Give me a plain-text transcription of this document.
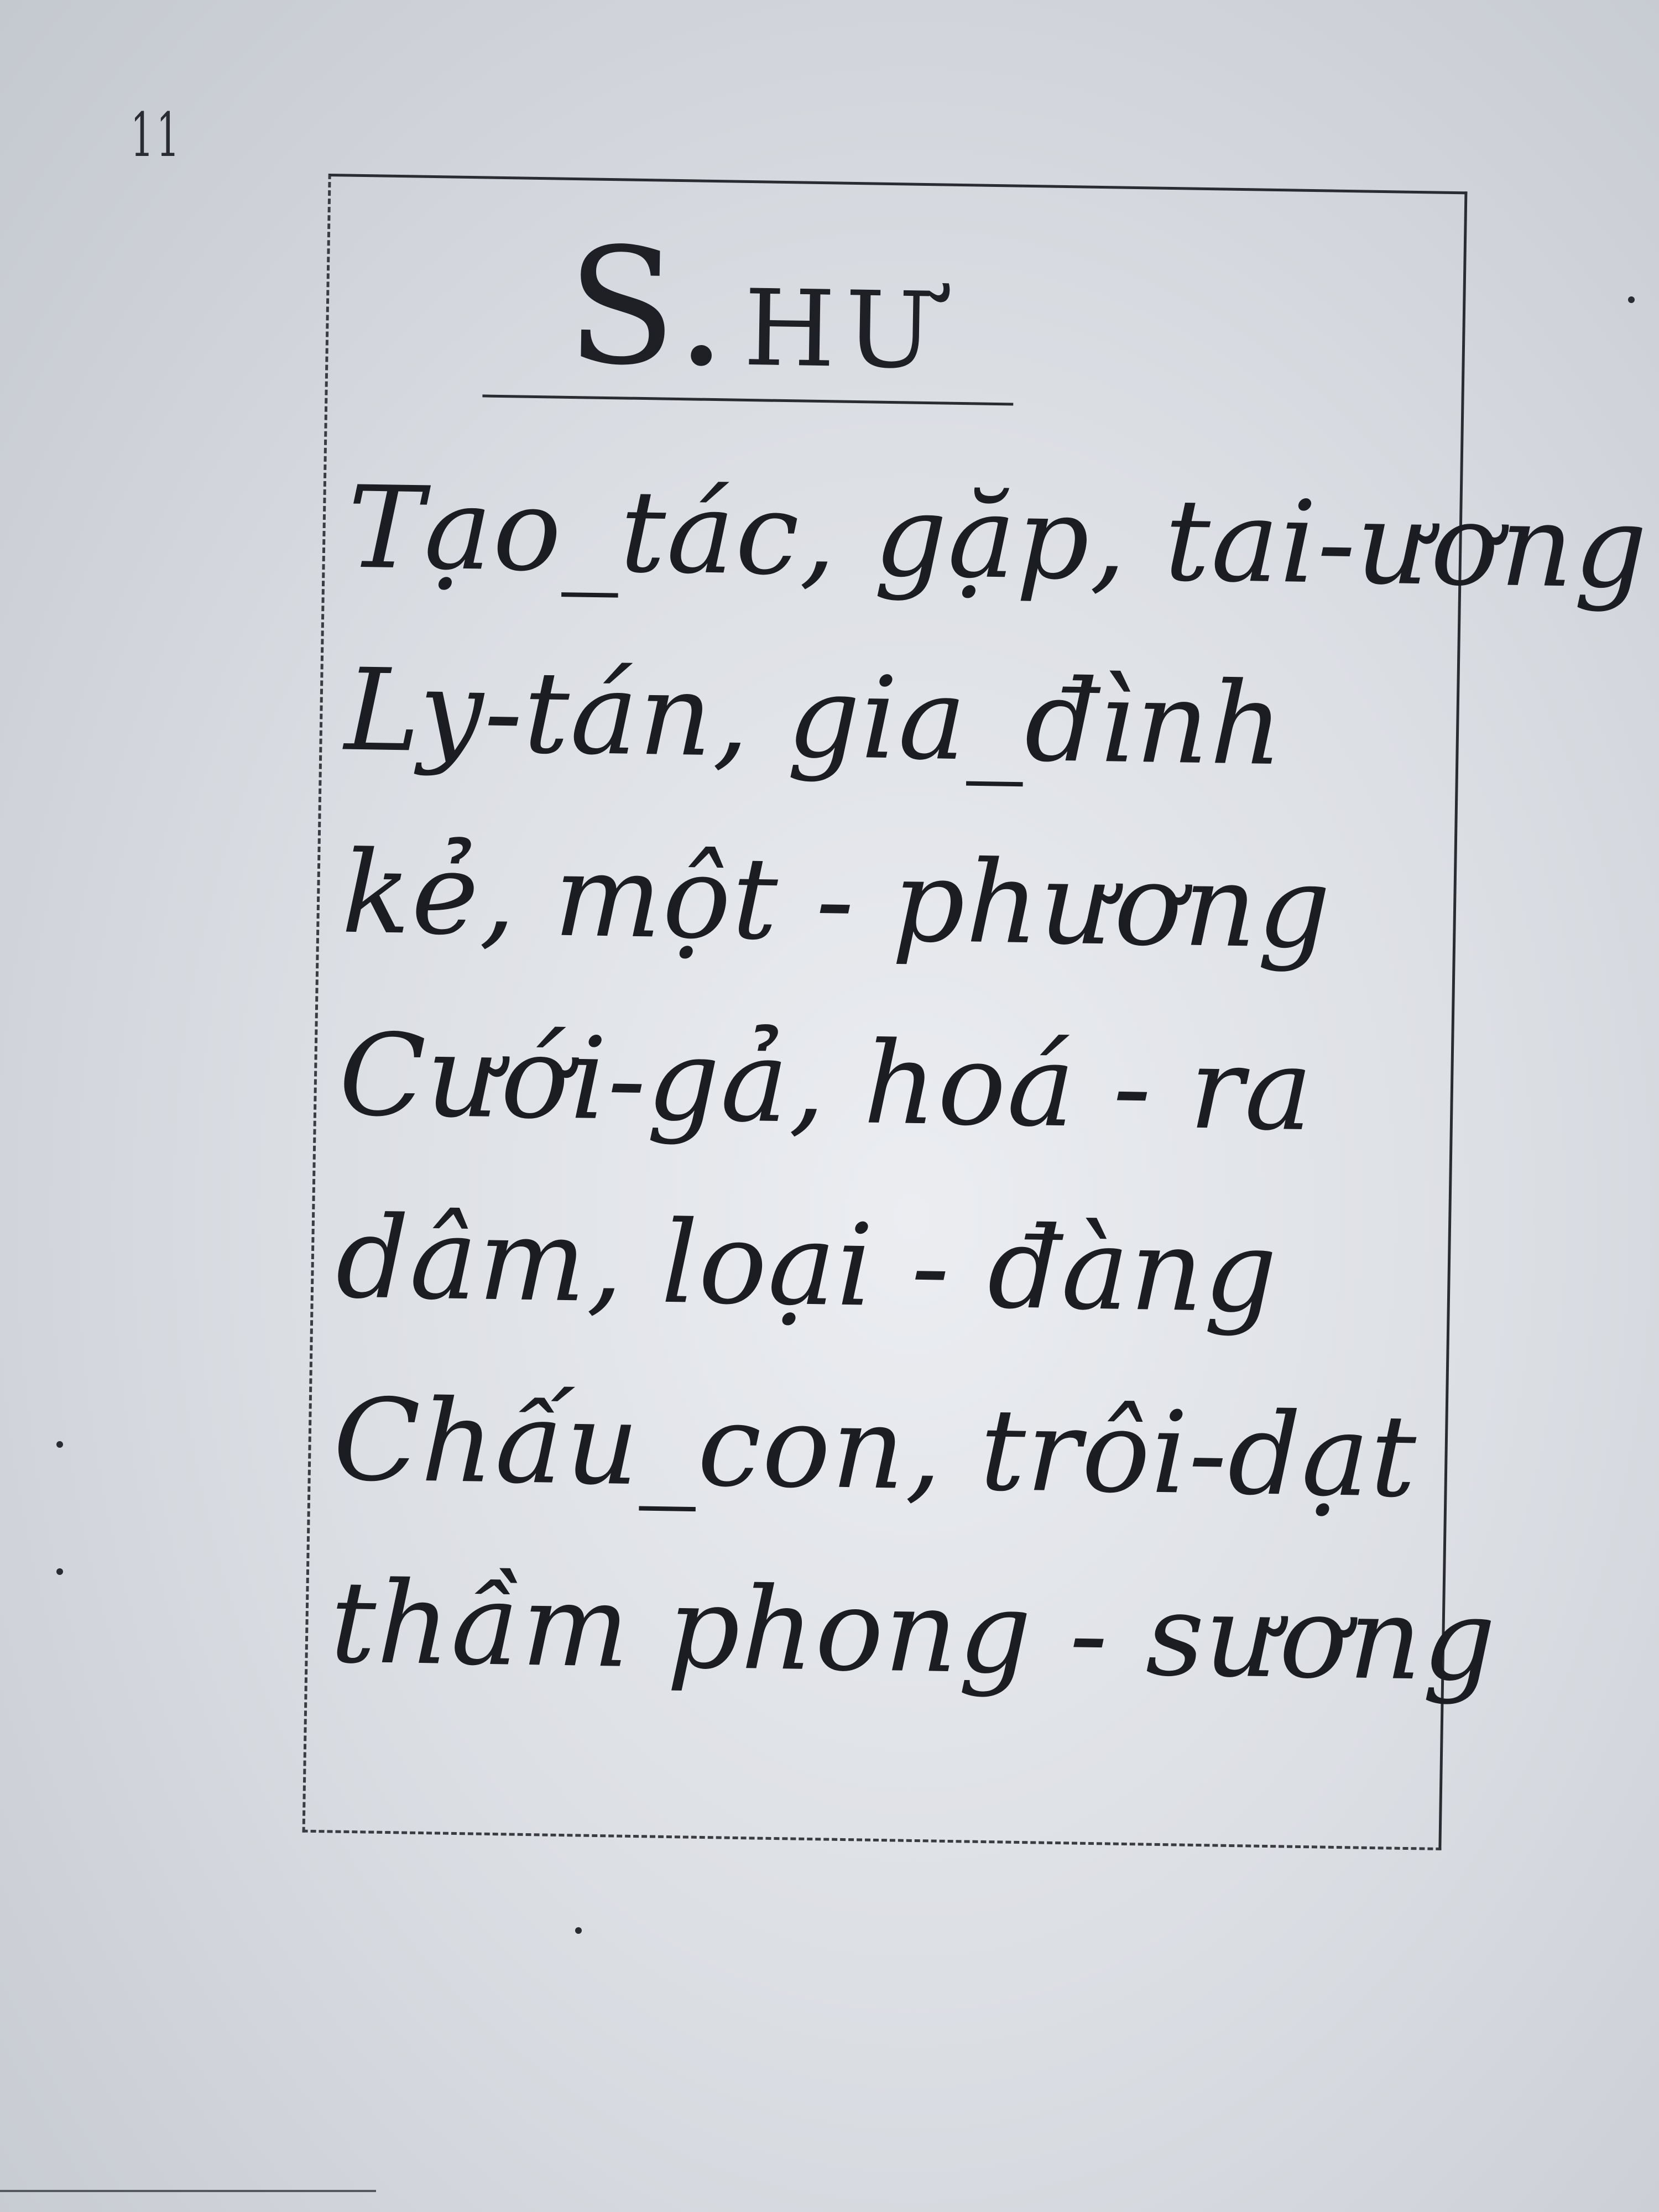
11
S.HƯ
Tạo_tác, gặp, tai-ương
Ly-tán, gia_đình
kẻ, một - phương
Cưới-gả, hoá - ra
dâm, loại - đàng
Chấu_con, trôi-dạt
thầm phong - sương
